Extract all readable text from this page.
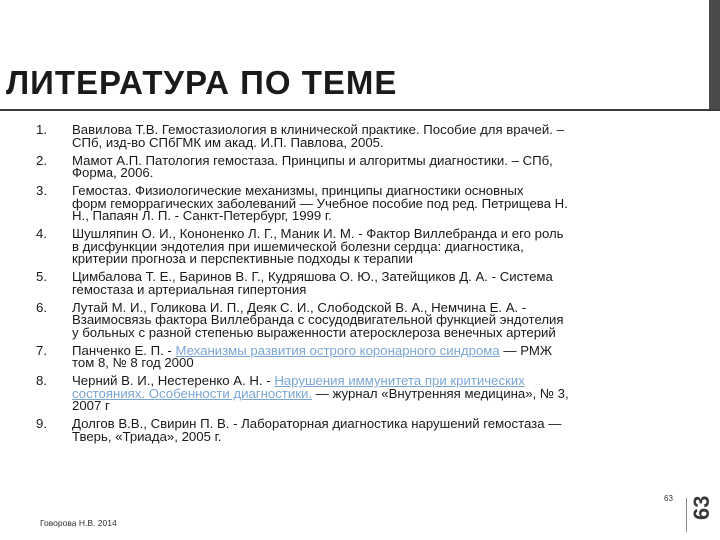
ЛИТЕРАТУРА ПО ТЕМЕ
1.	Вавилова Т.В. Гемостазиология в клинической практике. Пособие для врачей. –
СПб, изд-во СПбГМК им акад. И.П. Павлова, 2005.
2.	Мамот А.П. Патология гемостаза. Принципы и алгоритмы диагностики. – СПб,
Форма, 2006.
3.	Гемостаз. Физиологические механизмы, принципы диагностики основных
форм геморрагических заболеваний — Учебное пособие под ред. Петрищева Н.
Н., Папаян Л. П. - Санкт-Петербург, 1999 г.
4.	Шушляпин О. И., Кононенко Л. Г., Маник И. М. - Фактор Виллебранда и его роль
в дисфункции эндотелия при ишемической болезни сердца: диагностика,
критерии прогноза и перспективные подходы к терапии
5.	Цимбалова Т. Е., Баринов В. Г., Кудряшова О. Ю., Затейщиков Д. А. - Система
гемостаза и артериальная гипертония
6.	Лутай М. И., Голикова И. П., Деяк С. И., Слободской В. А., Немчина Е. А. -
Взаимосвязь фактора Виллебранда с сосудодвигательной функцией эндотелия
у больных с разной степенью выраженности атеросклероза венечных артерий
7.	Панченко Е. П. - Механизмы развития острого коронарного синдрома — РМЖ
том 8, № 8 год 2000
8.	Черний В. И., Нестеренко А. Н. - Нарушения иммунитета при критических
состояниях. Особенности диагностики. — журнал «Внутренняя медицина», № 3,
2007 г
9.	Долгов В.В., Свирин П. В. - Лабораторная диагностика нарушений гемостаза —
Тверь, «Триада», 2005 г.
63 63
Говорова Н.В. 2014
